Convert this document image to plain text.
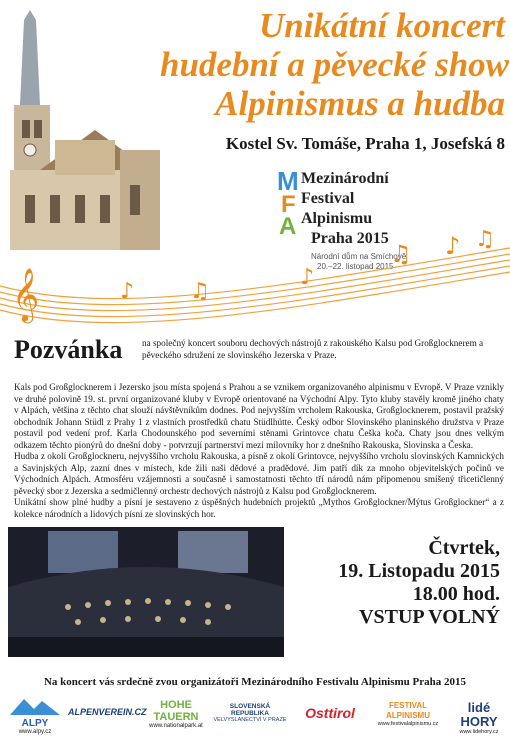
Unikátní koncert
hudební a pěvecké show
Alpinismus a hudba
Kostel Sv. Tomáše, Praha 1, Josefská 8
M
F
A
Mezinárodní
Festival
Alpinismu
Praha 2015
Národní dům na Smíchově
20.–22. listopad 2015
𝄞	♪	♫
♪
♫ ♪ ♫
Pozvánka na společný koncert souboru dechových nástrojů z rakouského Kalsu pod Großglocknerem a pěveckého sdružení ze slovinského Jezerska v Praze.

Kals pod Großglocknerem i Jezersko jsou místa spojená s Prahou a se vznikem organizovaného alpinismu v Evropě. V Praze vznikly ve druhé polovině 19. st. první organizované kluby v Evropě orientované na Východní Alpy. Tyto kluby stavěly kromě jiného chaty v Alpách, většina z těchto chat slouží návštěvníkům dodnes. Pod nejvyšším vrcholem Rakouska, Großglocknerem, postavil pražský obchodník Johann Stüdl z Prahy 1 z vlastních prostředků chatu Stüdlhütte. Český odbor Slovinského planinského družstva v Praze postavil pod vedení prof. Karla Chodounského pod severními stěnami Grintovce chatu Češka koča. Chaty jsou dnes velkým odkazem těchto pionýrů do dnešní doby - potvrzují partnerství mezi milovníky hor z dnešního Rakouska, Slovinska a Česka.

Hudba z okolí Großglockneru, nejvyššího vrcholu Rakouska, a písně z okolí Grintovce, nejvyššího vrcholu slovinských Kamnických a Savinjských Alp, zazní dnes v místech, kde žili naši dědové a pradědové. Jim patří dík za mnoho objevitelských počinů ve Východních Alpách. Atmosféru vzájemnosti a současně i samostatnosti těchto tří národů nám připomenou smíšený třicetičlenný pěvecký sbor z Jezerska a sedmičlenný orchestr dechových nástrojů z Kalsu pod Großglocknerem.

Unikátní show plné hudby a písní je sestaveno z úspěšných hudebních projektů „Mythos Großglockner/Mýtus Großglockner“ a z kolekce národních a lidových písní ze slovinských hor.

Čtvrtek,
19. Listopadu 2015
18.00 hod.
VSTUP VOLNÝ
Na koncert vás srdečně zvou organizátoři Mezinárodního Festivalu Alpinismu Praha 2015
ALPY
www.alpy.cz
ALPENVEREIN.CZ
HOHE TAUERN
www.nationalpark.at
SLOVENSKÁ REPUBLIKA
VELVYSLANECTVÍ V PRAZE	Osttirol	FESTIVAL ALPINISMU
www.festivalalpinismu.cz
lidé HORY
www.lidehory.cz
